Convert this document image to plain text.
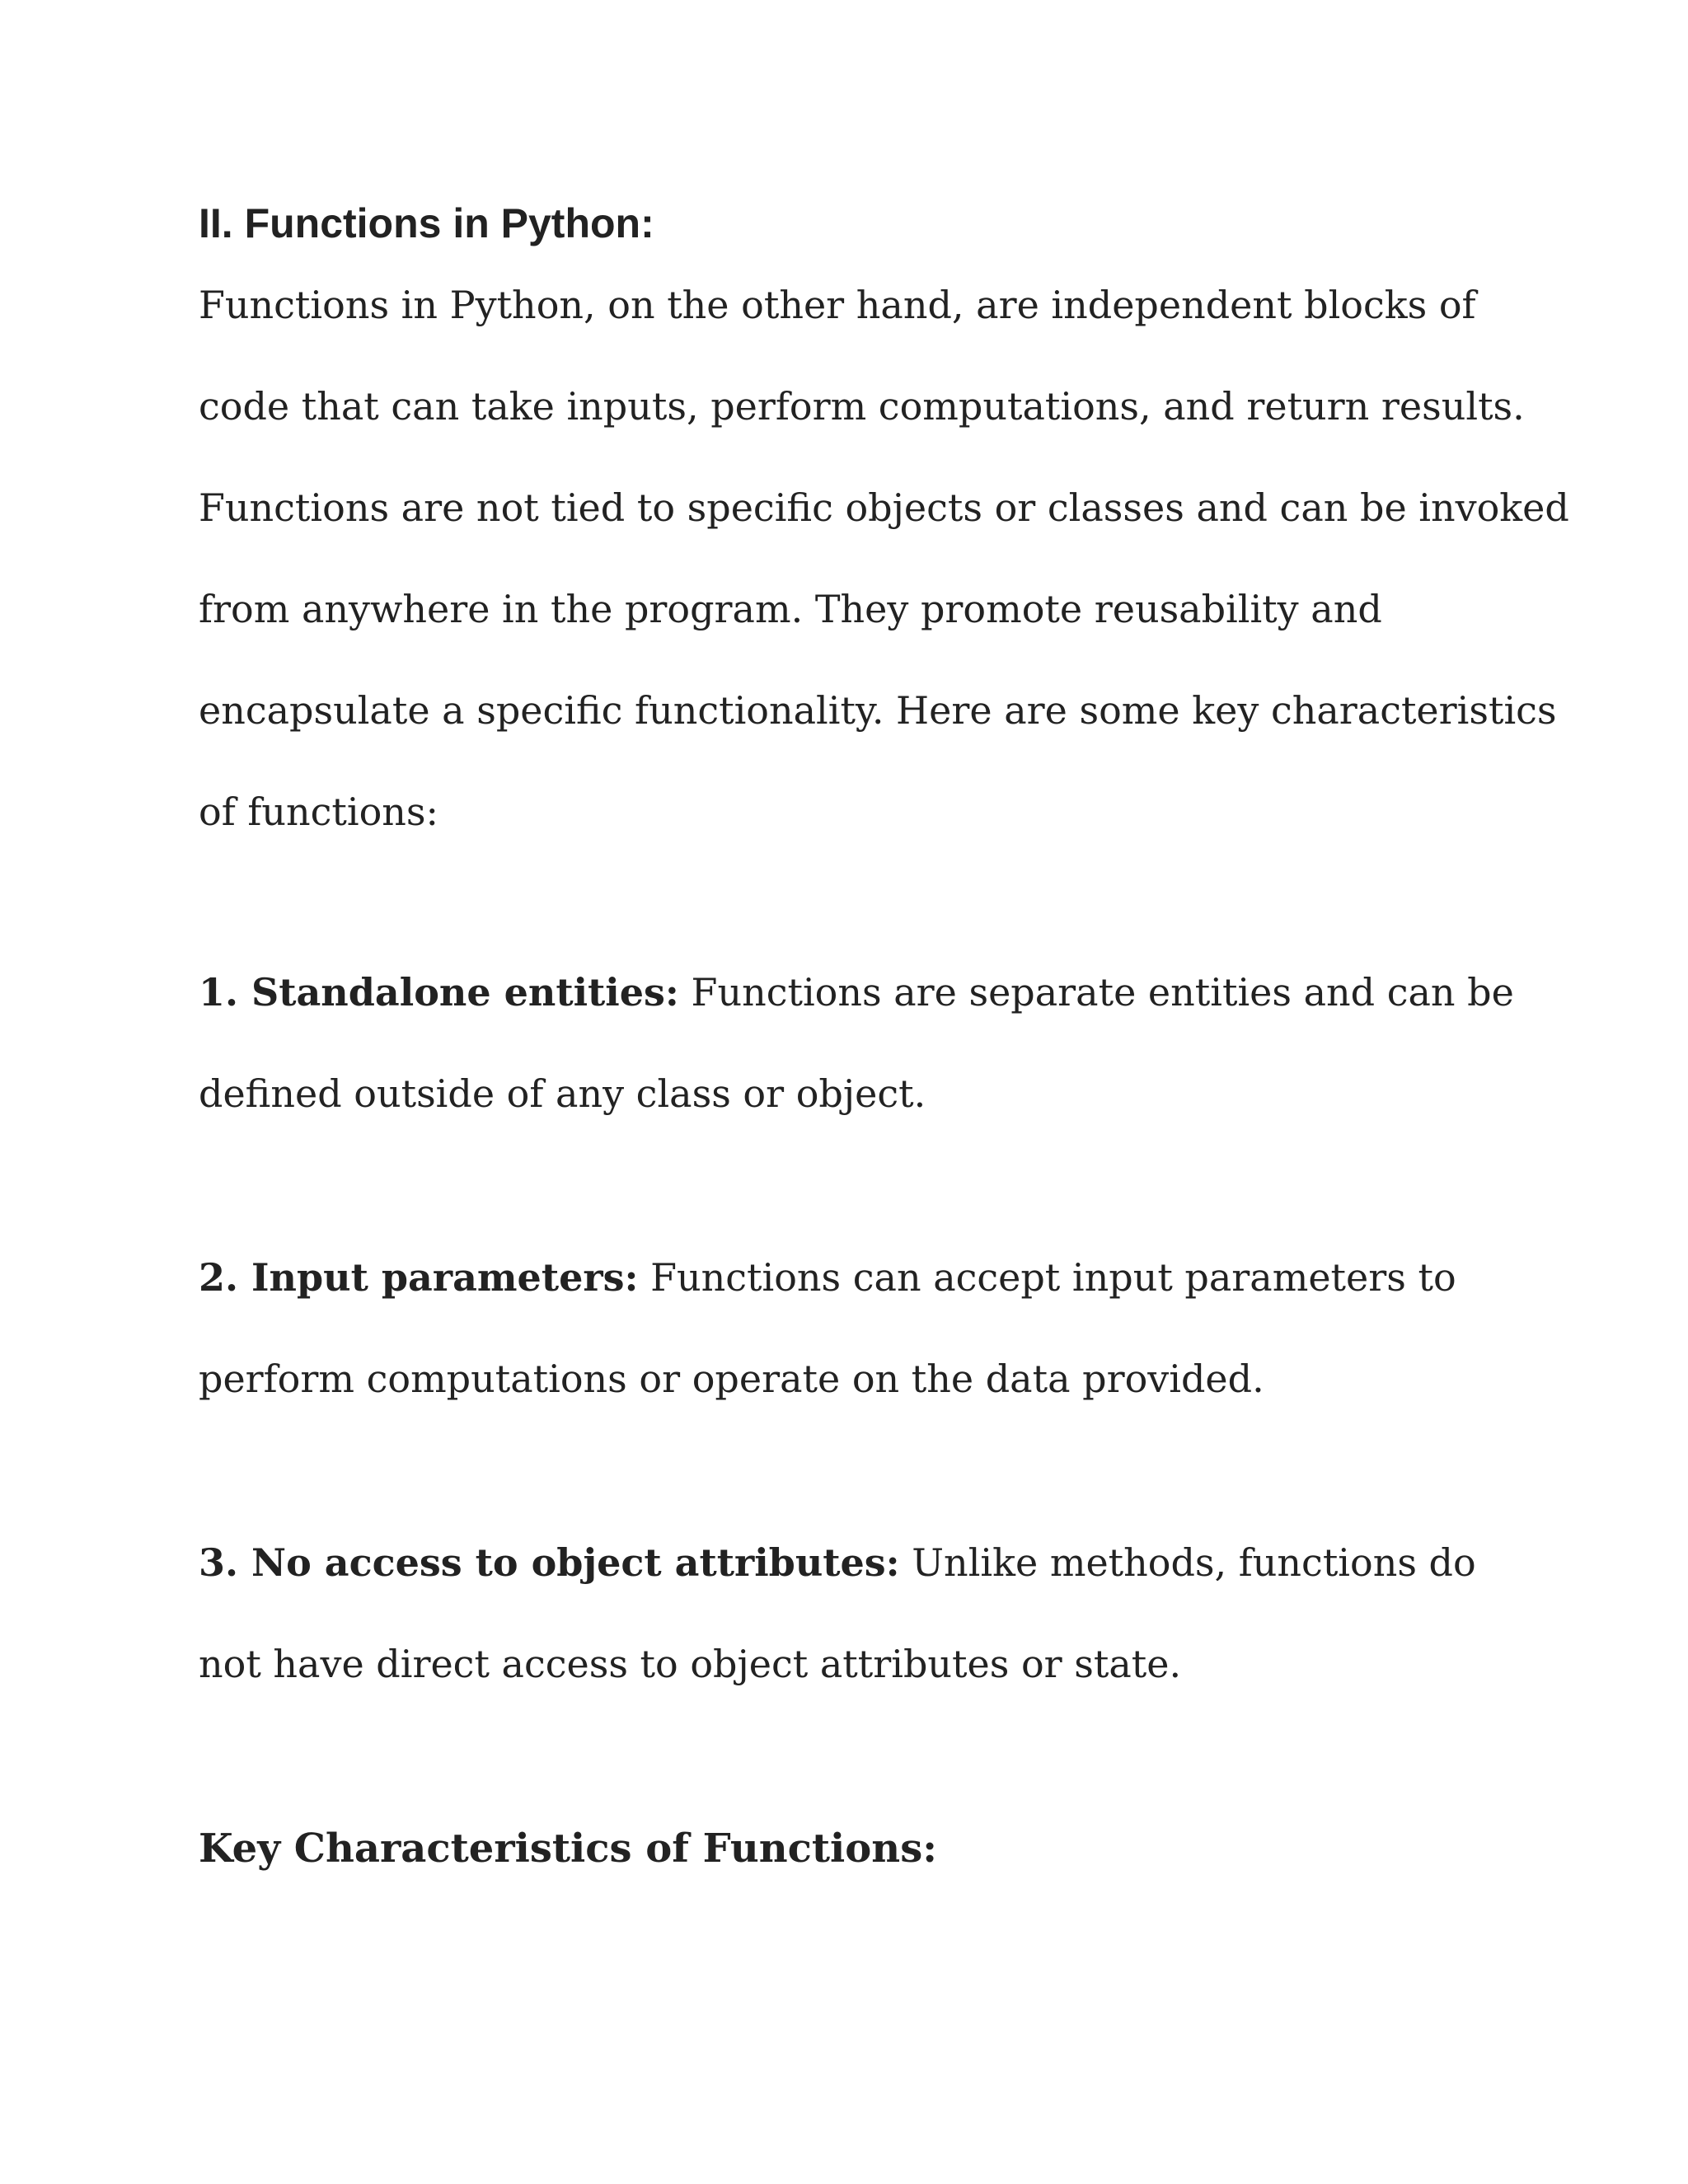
II. Functions in Python:

Functions in Python, on the other hand, are independent blocks of

code that can take inputs, perform computations, and return results.

Functions are not tied to specific objects or classes and can be invoked

from anywhere in the program. They promote reusability and

encapsulate a specific functionality. Here are some key characteristics

of functions:

1. Standalone entities: Functions are separate entities and can be

defined outside of any class or object.

2. Input parameters: Functions can accept input parameters to

perform computations or operate on the data provided.

3. No access to object attributes: Unlike methods, functions do

not have direct access to object attributes or state.

Key Characteristics of Functions:
